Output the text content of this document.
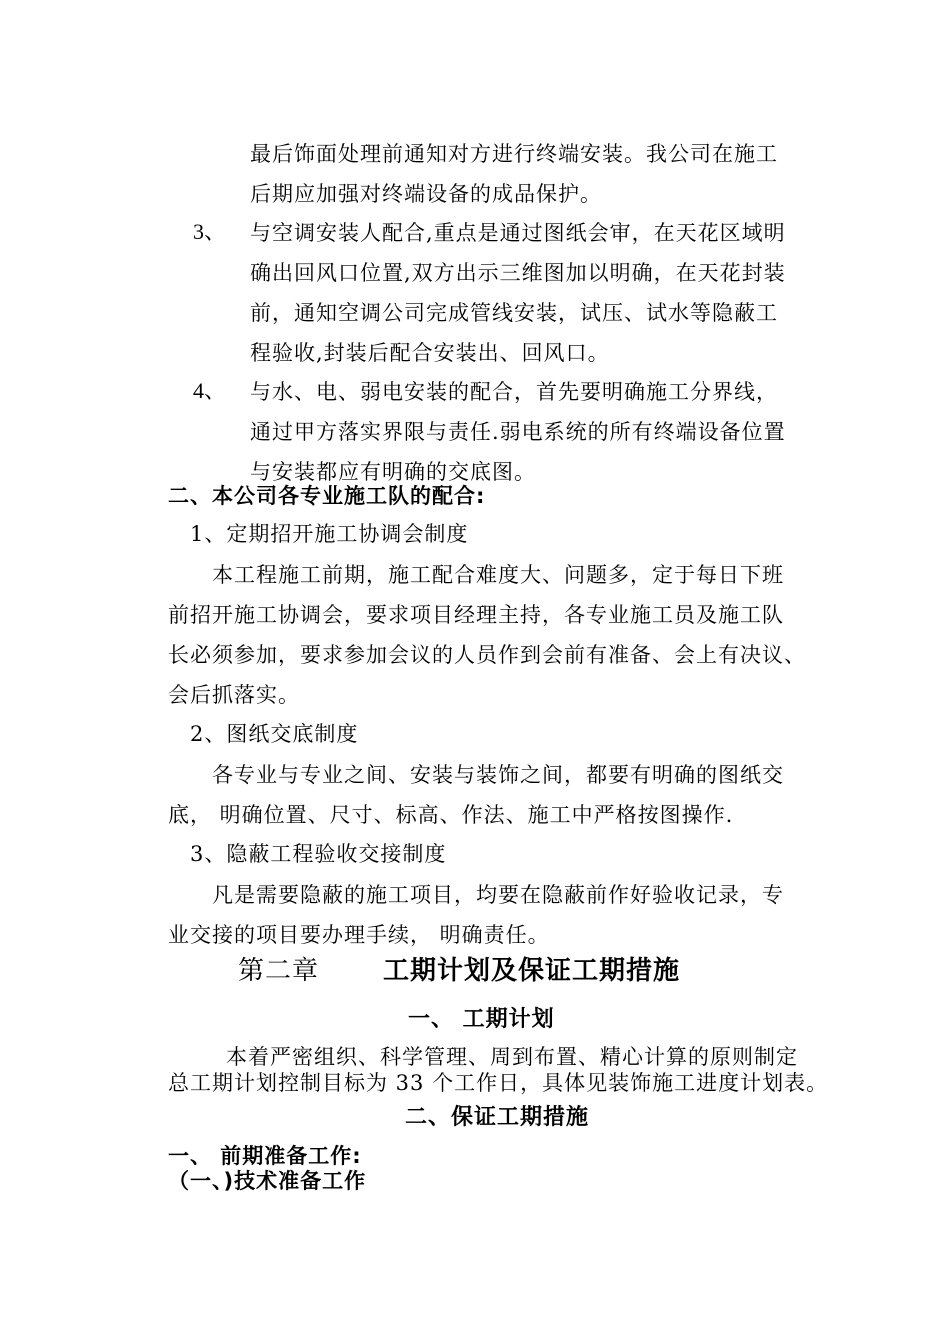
最后饰面处理前通知对方进行终端安装。我公司在施工
后期应加强对终端设备的成品保护。
3、 与空调安装人配合,重点是通过图纸会审，在天花区域明
确出回风口位置,双方出示三维图加以明确，在天花封装
前，通知空调公司完成管线安装，试压、试水等隐蔽工
程验收,封装后配合安装出、回风口。
4、 与水、电、弱电安装的配合，首先要明确施工分界线，
通过甲方落实界限与责任.弱电系统的所有终端设备位置
与安装都应有明确的交底图。
二、本公司各专业施工队的配合:
1、定期招开施工协调会制度
本工程施工前期，施工配合难度大、问题多，定于每日下班
前招开施工协调会，要求项目经理主持，各专业施工员及施工队
长必须参加，要求参加会议的人员作到会前有准备、会上有决议、
会后抓落实。
2、图纸交底制度
各专业与专业之间、安装与装饰之间，都要有明确的图纸交
底， 明确位置、尺寸、标高、作法、施工中严格按图操作.
3、隐蔽工程验收交接制度
凡是需要隐蔽的施工项目，均要在隐蔽前作好验收记录，专
业交接的项目要办理手续， 明确责任。
第二章 工期计划及保证工期措施
一、 工期计划
本着严密组织、科学管理、周到布置、精心计算的原则制定
总工期计划控制目标为 33 个工作日，具体见装饰施工进度计划表。
二、保证工期措施
一、 前期准备工作:
（一、)技术准备工作
